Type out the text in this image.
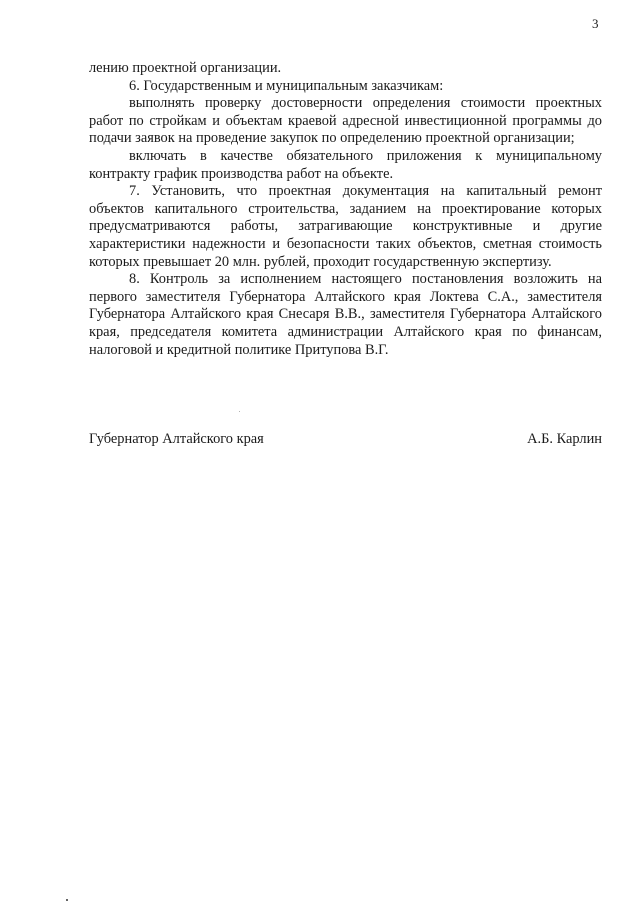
3

лению проектной организации.

6. Государственным и муниципальным заказчикам:

выполнять проверку достоверности определения стоимости проектных работ по стройкам и объектам краевой адресной инвестиционной программы до подачи заявок на проведение закупок по определению проектной организации;

включать в качестве обязательного приложения к муниципальному контракту график производства работ на объекте.

7. Установить, что проектная документация на капитальный ремонт объектов капитального строительства, заданием на проектирование которых предусматриваются работы, затрагивающие конструктивные и другие характеристики надежности и безопасности таких объектов, сметная стоимость которых превышает 20 млн. рублей, проходит государственную экспертизу.

8. Контроль за исполнением настоящего постановления возложить на первого заместителя Губернатора Алтайского края Локтева С.А., заместителя Губернатора Алтайского края Снесаря В.В., заместителя Губернатора Алтайского края, председателя комитета администрации Алтайского края по финансам, налоговой и кредитной политике Притупова В.Г.

Губернатор Алтайского края	А.Б. Карлин
